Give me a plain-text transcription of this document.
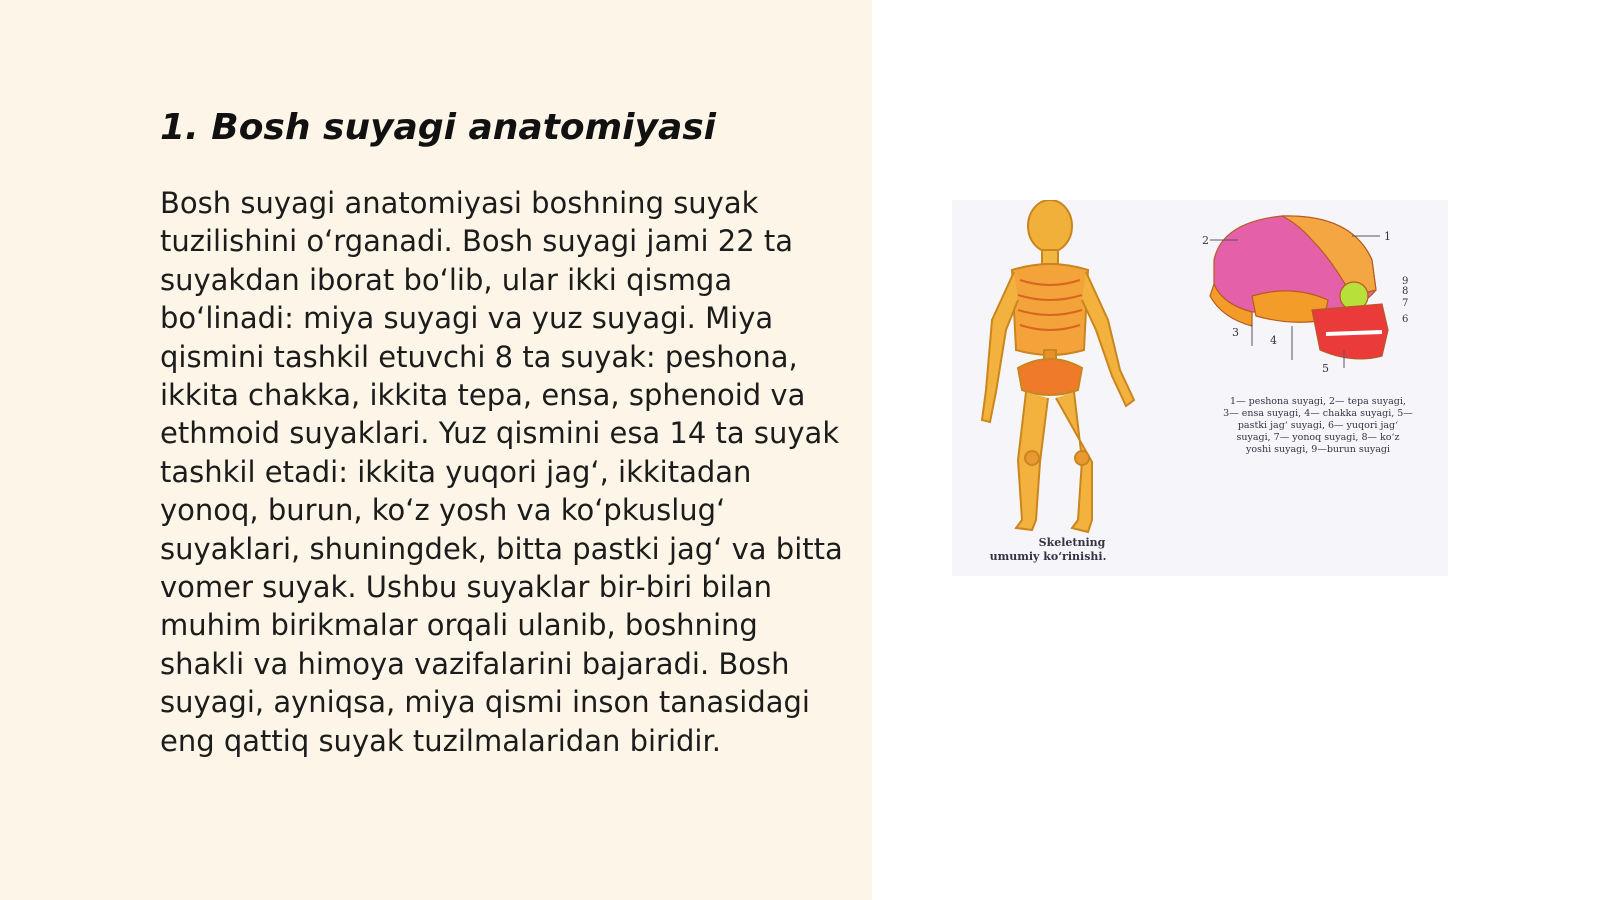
1. Bosh suyagi anatomiyasi

Bosh suyagi anatomiyasi boshning suyak tuzilishini o‘rganadi. Bosh suyagi jami 22 ta suyakdan iborat bo‘lib, ular ikki qismga bo‘linadi: miya suyagi va yuz suyagi. Miya qismini tashkil etuvchi 8 ta suyak: peshona, ikkita chakka, ikkita tepa, ensa, sphenoid va ethmoid suyaklari. Yuz qismini esa 14 ta suyak tashkil etadi: ikkita yuqori jag‘, ikkitadan yonoq, burun, ko‘z yosh va ko‘pkuslug‘ suyaklari, shuningdek, bitta pastki jag‘ va bitta vomer suyak. Ushbu suyaklar bir-biri bilan muhim birikmalar orqali ulanib, boshning shakli va himoya vazifalarini bajaradi. Bosh suyagi, ayniqsa, miya qismi inson tanasidagi eng qattiq suyak tuzilmalaridan biridir.

Skeletning
umumiy ko‘rinishi.
2	1
9
8
7
6
3
4
5
1— peshona suyagi, 2— tepa suyagi,
3— ensa suyagi, 4— chakka suyagi, 5—
pastki jag‘ suyagi, 6— yuqori jag‘
suyagi, 7— yonoq suyagi, 8— ko‘z
yoshi suyagi, 9—burun suyagi
